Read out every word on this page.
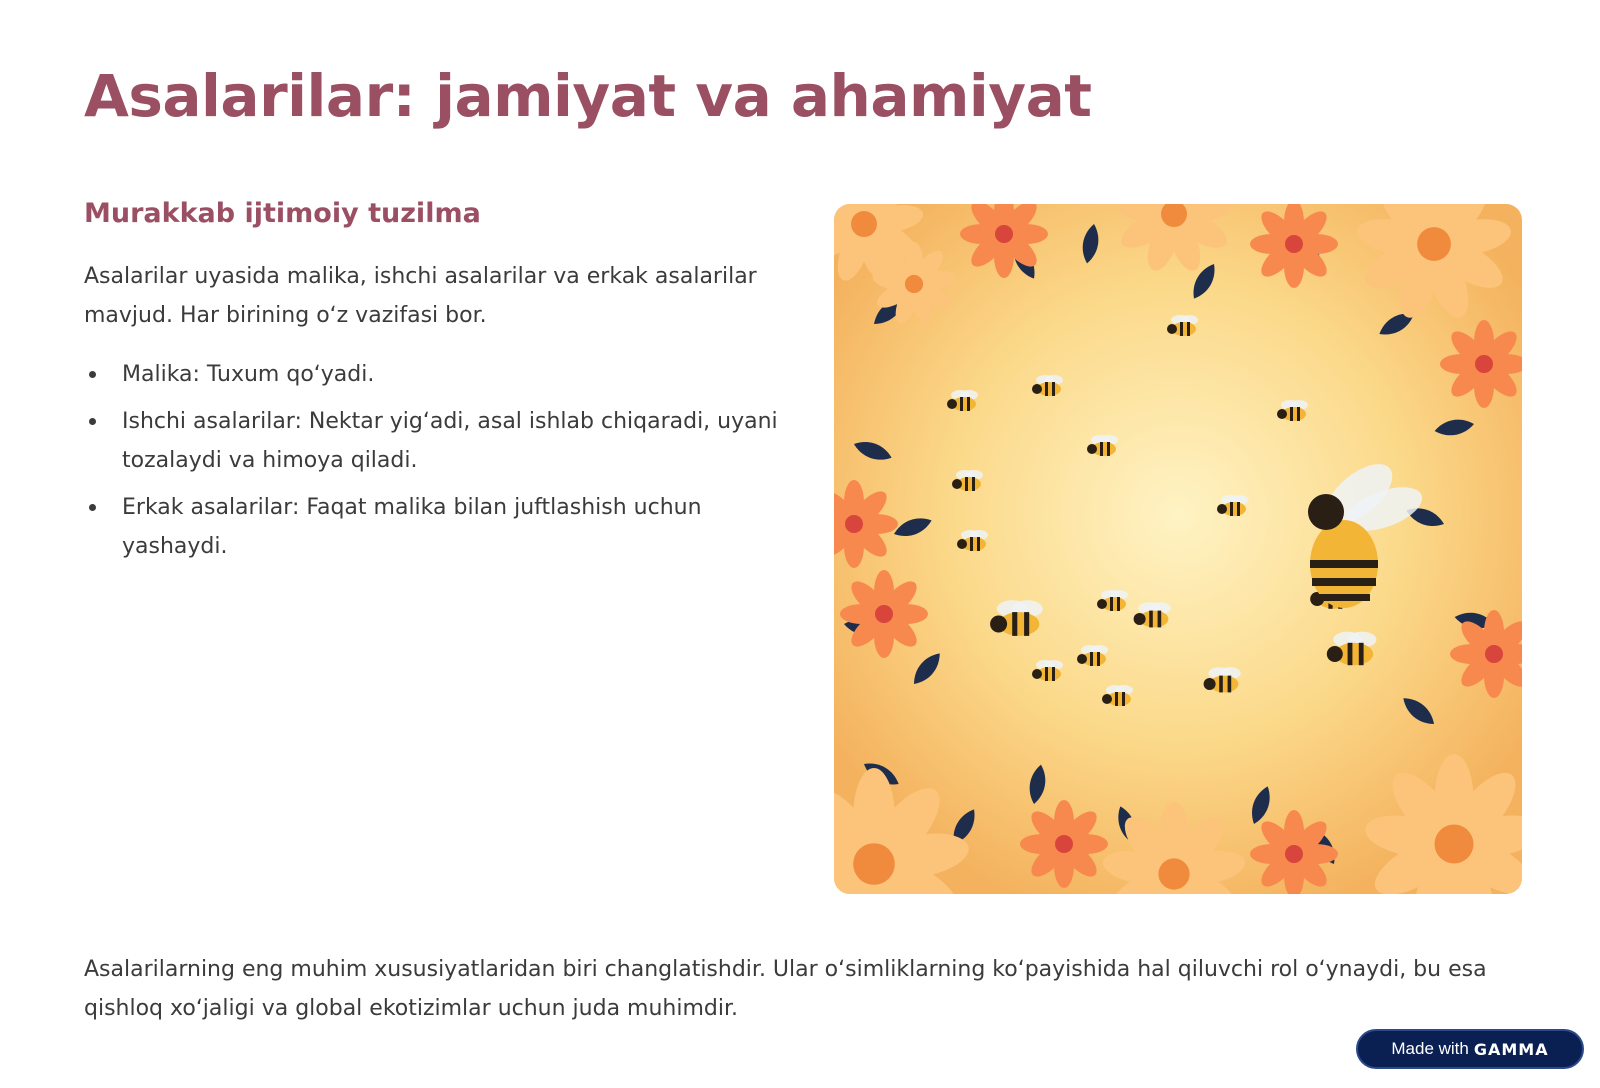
Asalarilar: jamiyat va ahamiyat
Murakkab ijtimoiy tuzilma

Asalarilar uyasida malika, ishchi asalarilar va erkak asalarilar mavjud. Har birining oʻz vazifasi bor.

Malika: Tuxum qoʻyadi.
Ishchi asalarilar: Nektar yigʻadi, asal ishlab chiqaradi, uyani tozalaydi va himoya qiladi.
Erkak asalarilar: Faqat malika bilan juftlashish uchun yashaydi.

Asalarilarning eng muhim xususiyatlaridan biri changlatishdir. Ular oʻsimliklarning koʻpayishida hal qiluvchi rol oʻynaydi, bu esa qishloq xoʻjaligi va global ekotizimlar uchun juda muhimdir.

Made with GAMMA
